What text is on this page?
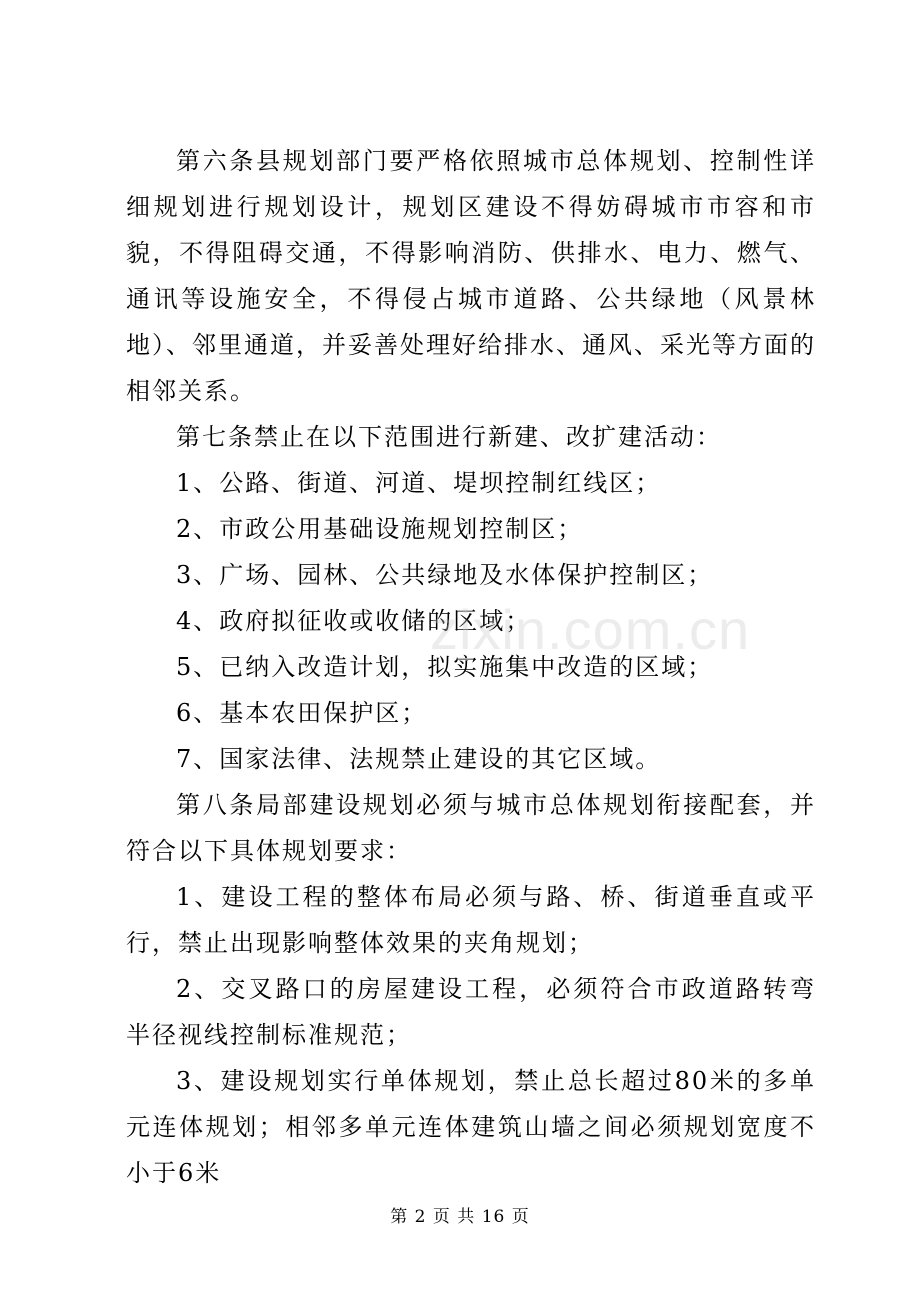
第六条县规划部门要严格依照城市总体规划、控制性详细规划进行规划设计，规划区建设不得妨碍城市市容和市貌，不得阻碍交通，不得影响消防、供排水、电力、燃气、通讯等设施安全，不得侵占城市道路、公共绿地（风景林地）、邻里通道，并妥善处理好给排水、通风、采光等方面的相邻关系。

第七条禁止在以下范围进行新建、改扩建活动：

1、公路、街道、河道、堤坝控制红线区；

2、市政公用基础设施规划控制区；

3、广场、园林、公共绿地及水体保护控制区；

4、政府拟征收或收储的区域；

5、已纳入改造计划，拟实施集中改造的区域；

6、基本农田保护区；

7、国家法律、法规禁止建设的其它区域。

第八条局部建设规划必须与城市总体规划衔接配套，并符合以下具体规划要求：

1、建设工程的整体布局必须与路、桥、街道垂直或平行，禁止出现影响整体效果的夹角规划；

2、交叉路口的房屋建设工程，必须符合市政道路转弯半径视线控制标准规范；

3、建设规划实行单体规划，禁止总长超过80米的多单元连体规划；相邻多单元连体建筑山墙之间必须规划宽度不小于6米

zixin.com.cn
第 2 页 共 16 页
